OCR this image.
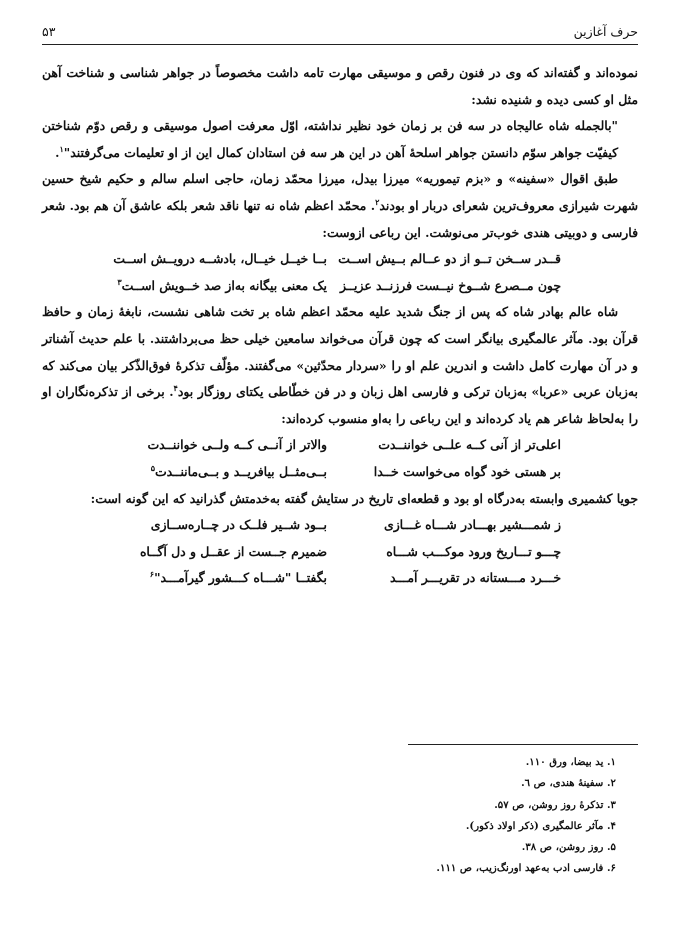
حرف آغازین
۵۳

نموده‌اند و گفته‌اند که وی در فنون رقص و موسیقی مهارت تامه داشت مخصوصاً در جواهر شناسی و شناخت آهن مثل او کسی دیده و شنیده نشد:

"بالجمله شاه عالیجاه در سه فن بر زمان خود نظیر نداشته، اوّل معرفت اصول موسیقی و رقص دوّم شناختن کیفیّت جواهر سوّم دانستن جواهر اسلحهٔ آهن در این هر سه فن استادان کمال این از او تعلیمات می‌گرفتند"$^۱$.

طبق اقوال «سفینه» و «بزم تیموریه» میرزا بیدل، میرزا محمّد زمان، حاجی اسلم سالم و حکیم شیخ حسین شهرت شیرازی معروف‌ترین شعرای دربار او بودند$^۲$. محمّد اعظم شاه نه تنها ناقد شعر بلکه عاشق آن هم بود. شعر فارسی و دوبیتی هندی خوب‌تر می‌نوشت. این رباعی ازوست:

قــدر ســخن تــو از دو عــالم بــیش اســت
بــا خیــل خیــال، بادشــه درویــش اســت
چون مــصرع شــوخ نیــست فرزنــد عزیــز
یک معنی بیگانه به‌از صد خــویش اســت$^۳$

شاه عالم بهادر شاه که پس از جنگ شدید علیه محمّد اعظم شاه بر تخت شاهی نشست، نابغهٔ زمان و حافظ قرآن بود. مآثر عالمگیری بیانگر است که چون قرآن می‌خواند سامعین خیلی حظ می‌برداشتند. با علم حدیث آشناتر و در آن مهارت کامل داشت و اندرین علم او را «سردار محدّثین» می‌گفتند. مؤلّف تذکرهٔ فوق‌الذّکر بیان می‌کند که به‌زبان عربی «عربا» به‌زبان ترکی و فارسی اهل زبان و در فن خطّاطی یکتای روزگار بود$^۴$. برخی از تذکره‌نگاران او را به‌لحاظ شاعر هم یاد کرده‌اند و این رباعی را به‌او منسوب کرده‌اند:

اعلی‌تر از آنی کــه علــی خواننــدت
والاتر از آنــی کــه ولــی خواننــدت
بر هستی خود گواه می‌خواست خــدا
بــی‌مثــل بیافریــد و بــی‌ماننــدت$^۵$

جویا کشمیری وابسته به‌درگاه او بود و قطعه‌ای تاریخ در ستایش گفته به‌خدمتش گذرانید که این گونه است:

ز شمـــشیر بهـــادر شـــاه غـــازی
بــود شــیر فلــک در چــاره‌ســازی
چـــو تـــاریخ ورود موکـــب شـــاه
ضمیرم جــست از عقــل و دل آگــاه
خـــرد مـــستانه در تقریـــر آمـــد
بگفتــا "شـــاه کـــشور گیرآمـــد"$^۶$
۱. ید بیضا، ورق ۱۱۰.
۲. سفینهٔ هندی، ص ٦.
۳. تذکرهٔ روز روشن، ص ۵۷.
۴. مآثر عالمگیری (ذکر اولاد ذکور).
۵. روز روشن، ص ۳۸.
۶. فارسی ادب به‌عهد اورنگ‌زیب، ص ۱۱۱.
